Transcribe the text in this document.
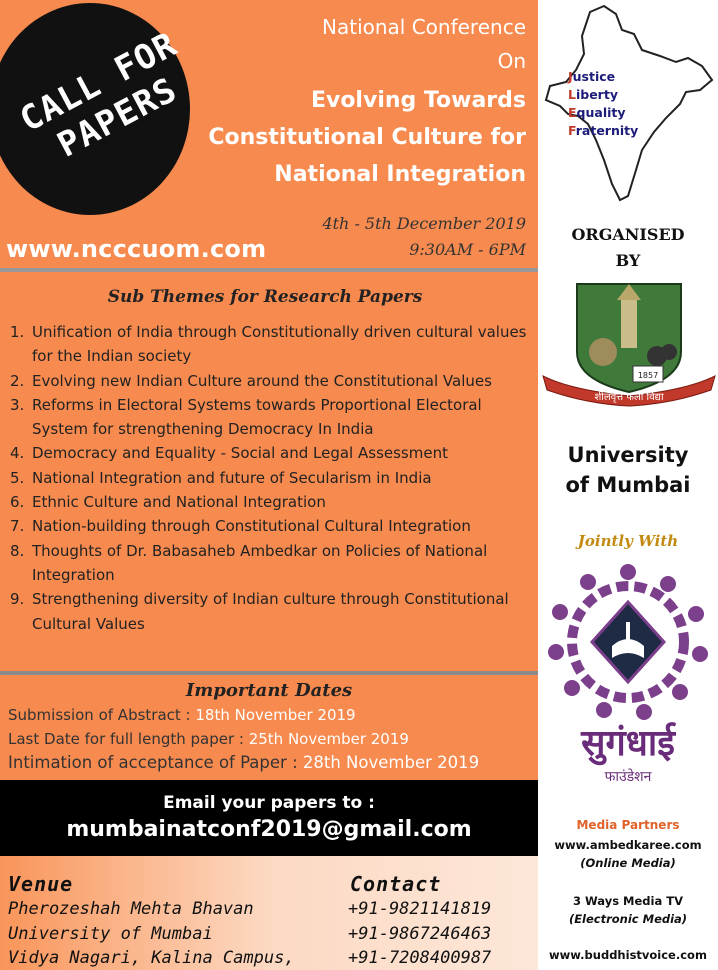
CALL FOR PAPERS
National Conference
On
Evolving Towards Constitutional Culture for National Integration
4th - 5th December 2019
9:30AM - 6PM
www.ncccuom.com
Sub Themes for Research Papers
1. Unification of India through Constitutionally driven cultural values for the Indian society
2. Evolving new Indian Culture around the Constitutional Values
3. Reforms in Electoral Systems towards Proportional Electoral System for strengthening Democracy In India
4. Democracy and Equality - Social and Legal Assessment
5. National Integration and future of Secularism in India
6. Ethnic Culture and National Integration
7. Nation-building through Constitutional Cultural Integration
8. Thoughts of Dr. Babasaheb Ambedkar on Policies of National Integration
9. Strengthening diversity of Indian culture through Constitutional Cultural Values
Important Dates
Submission of Abstract : 18th November 2019
Last Date for full length paper : 25th November 2019
Intimation of acceptance of Paper : 28th November 2019
Email your papers to :
mumbainatconf2019@gmail.com
Venue
Pherozeshah Mehta Bhavan
University of Mumbai
Vidya Nagari, Kalina Campus,
Contact
+91-9821141819
+91-9867246463
+91-7208400987
Justice
Liberty
Equality
Fraternity
ORGANISED
BY
1857
शीलवृत्त फला विद्या
University
of Mumbai
Jointly With
सुगंधाई
फाउंडेशन
Media Partners
www.ambedkaree.com
(Online Media)
3 Ways Media TV
(Electronic Media)
www.buddhistvoice.com
